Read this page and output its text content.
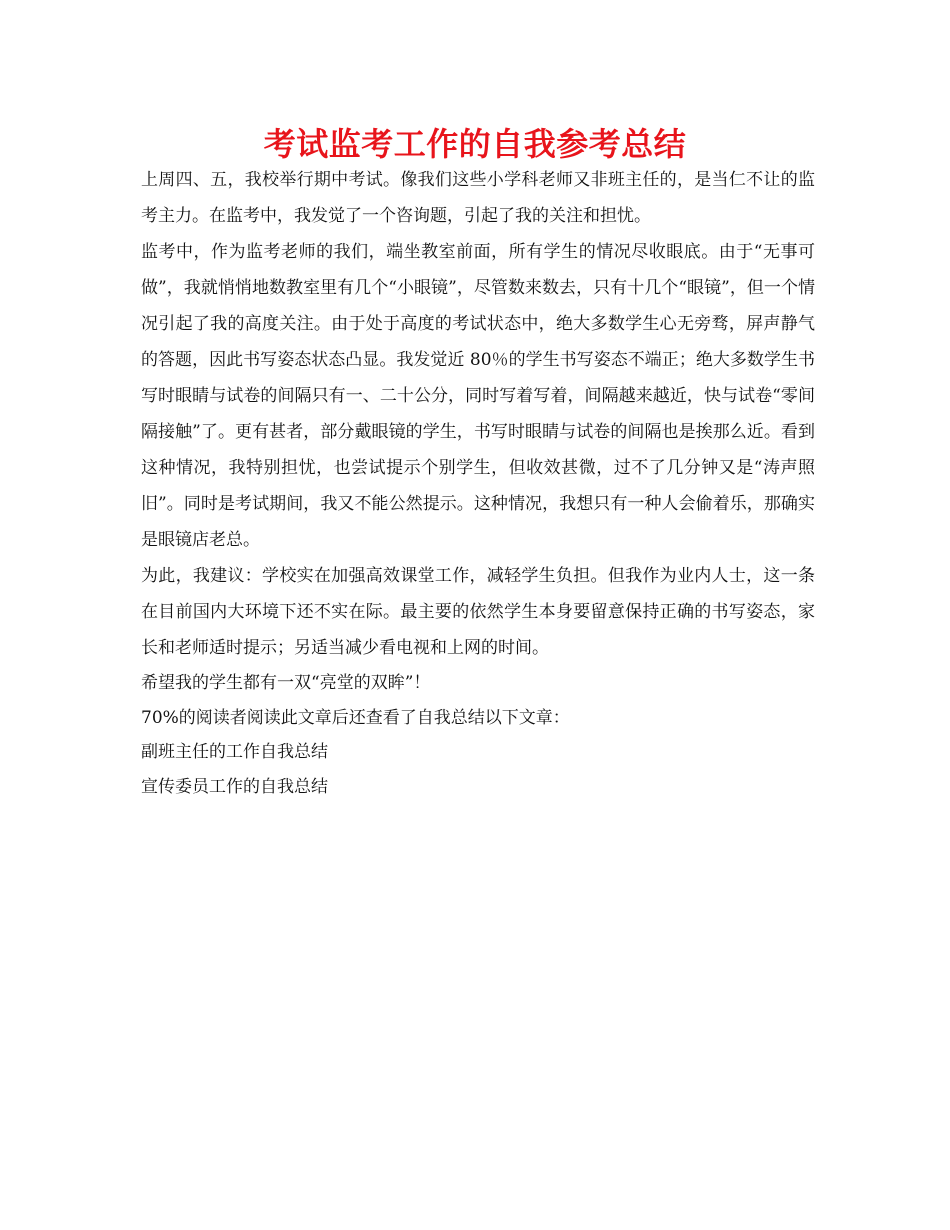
考试监考工作的自我参考总结

上周四、五，我校举行期中考试。像我们这些小学科老师又非班主任的，是当仁不让的监考主力。在监考中，我发觉了一个咨询题，引起了我的关注和担忧。

监考中，作为监考老师的我们，端坐教室前面，所有学生的情况尽收眼底。由于“无事可做”，我就悄悄地数教室里有几个“小眼镜”，尽管数来数去，只有十几个“眼镜”，但一个情况引起了我的高度关注。由于处于高度的考试状态中，绝大多数学生心无旁骛，屏声静气的答题，因此书写姿态状态凸显。我发觉近 80％的学生书写姿态不端正；绝大多数学生书写时眼睛与试卷的间隔只有一、二十公分，同时写着写着，间隔越来越近，快与试卷“零间隔接触”了。更有甚者，部分戴眼镜的学生，书写时眼睛与试卷的间隔也是挨那么近。看到这种情况，我特别担忧，也尝试提示个别学生，但收效甚微，过不了几分钟又是“涛声照旧”。同时是考试期间，我又不能公然提示。这种情况，我想只有一种人会偷着乐，那确实是眼镜店老总。

为此，我建议：学校实在加强高效课堂工作，减轻学生负担。但我作为业内人士，这一条在目前国内大环境下还不实在际。最主要的依然学生本身要留意保持正确的书写姿态，家长和老师适时提示；另适当减少看电视和上网的时间。

希望我的学生都有一双“亮堂的双眸”！

70%的阅读者阅读此文章后还查看了自我总结以下文章：

副班主任的工作自我总结

宣传委员工作的自我总结
